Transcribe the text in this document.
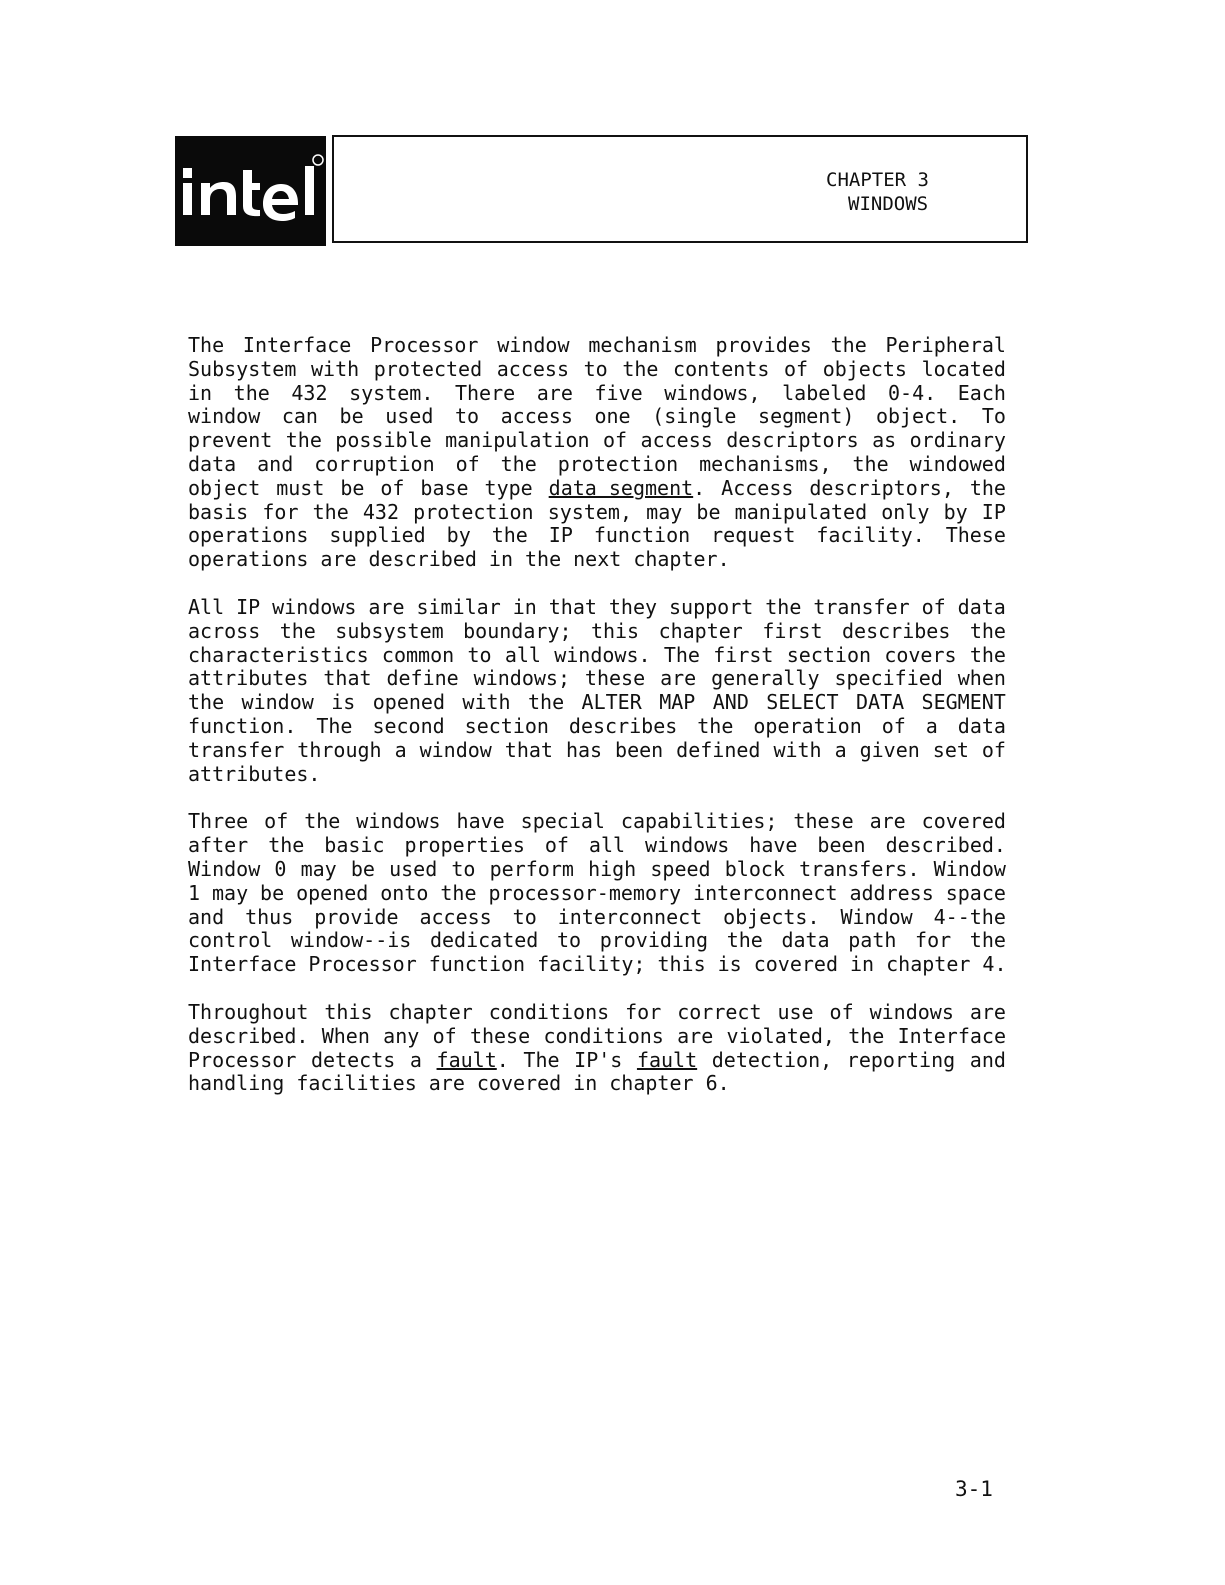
CHAPTER 3
WINDOWS
The Interface Processor window mechanism provides the Peripheral
Subsystem with protected access to the contents of objects located
in the 432 system. There are five windows, labeled 0-4. Each
window can be used to access one (single segment) object. To
prevent the possible manipulation of access descriptors as ordinary
data and corruption of the protection mechanisms, the windowed
object must be of base type data segment. Access descriptors, the
basis for the 432 protection system, may be manipulated only by IP
operations supplied by the IP function request facility. These
operations are described in the next chapter.
All IP windows are similar in that they support the transfer of data
across the subsystem boundary; this chapter first describes the
characteristics common to all windows. The first section covers the
attributes that define windows; these are generally specified when
the window is opened with the ALTER MAP AND SELECT DATA SEGMENT
function. The second section describes the operation of a data
transfer through a window that has been defined with a given set of
attributes.
Three of the windows have special capabilities; these are covered
after the basic properties of all windows have been described.
Window 0 may be used to perform high speed block transfers. Window
1 may be opened onto the processor-memory interconnect address space
and thus provide access to interconnect objects. Window 4--the
control window--is dedicated to providing the data path for the
Interface Processor function facility; this is covered in chapter 4.
Throughout this chapter conditions for correct use of windows are
described. When any of these conditions are violated, the Interface
Processor detects a fault. The IP's fault detection, reporting and
handling facilities are covered in chapter 6.
3-1
